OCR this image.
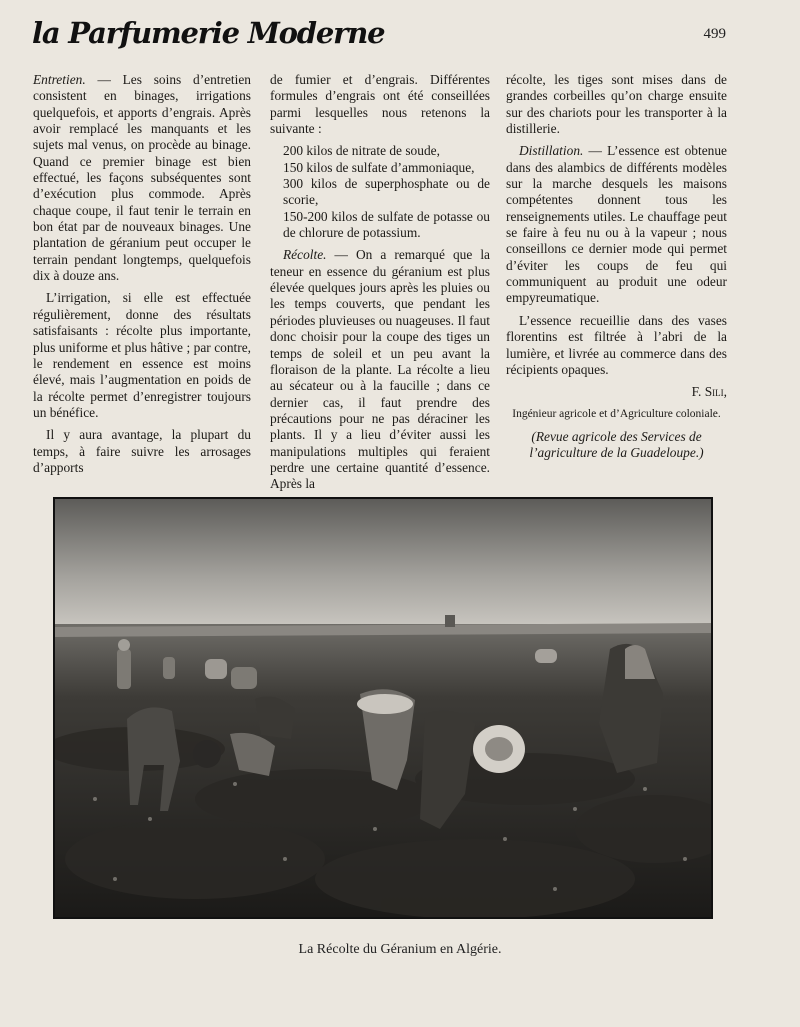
la Parfumerie Moderne	499

Entretien. — Les soins d’entretien consistent en binages, irrigations quelquefois, et apports d’engrais. Après avoir remplacé les manquants et les sujets mal venus, on procède au binage. Quand ce premier binage est bien effectué, les façons subséquentes sont d’exécution plus commode. Après chaque coupe, il faut tenir le terrain en bon état par de nouveaux binages. Une plantation de géranium peut occuper le terrain pendant longtemps, quelquefois dix à douze ans.

L’irrigation, si elle est effectuée régulièrement, donne des résultats satisfaisants : récolte plus importante, plus uniforme et plus hâtive ; par contre, le rendement en essence est moins élevé, mais l’augmentation en poids de la récolte permet d’enregistrer toujours un bénéfice.

Il y aura avantage, la plupart du temps, à faire suivre les arrosages d’apports

de fumier et d’engrais. Différentes formules d’engrais ont été conseillées parmi lesquelles nous retenons la suivante :

200 kilos de nitrate de soude,
150 kilos de sulfate d’ammoniaque,
300 kilos de superphosphate ou de scorie,
150-200 kilos de sulfate de potasse ou de chlorure de potassium.

Récolte. — On a remarqué que la teneur en essence du géranium est plus élevée quelques jours après les pluies ou les temps couverts, que pendant les périodes pluvieuses ou nuageuses. Il faut donc choisir pour la coupe des tiges un temps de soleil et un peu avant la floraison de la plante. La récolte a lieu au sécateur ou à la faucille ; dans ce dernier cas, il faut prendre des précautions pour ne pas déraciner les plants. Il y a lieu d’éviter aussi les manipulations multiples qui feraient perdre une certaine quantité d’essence. Après la

récolte, les tiges sont mises dans de grandes corbeilles qu’on charge ensuite sur des chariots pour les transporter à la distillerie.

Distillation. — L’essence est obtenue dans des alambics de différents modèles sur la marche desquels les maisons compétentes donnent tous les renseignements utiles. Le chauffage peut se faire à feu nu ou à la vapeur ; nous conseillons ce dernier mode qui permet d’éviter les coups de feu qui communiquent au produit une odeur empyreumatique.

L’essence recueillie dans des vases florentins est filtrée à l’abri de la lumière, et livrée au commerce dans des récipients opaques.

F. Sili,

Ingénieur agricole et d’Agriculture coloniale.

(Revue agricole des Services de l’agriculture de la Guadeloupe.)

La Récolte du Géranium en Algérie.
